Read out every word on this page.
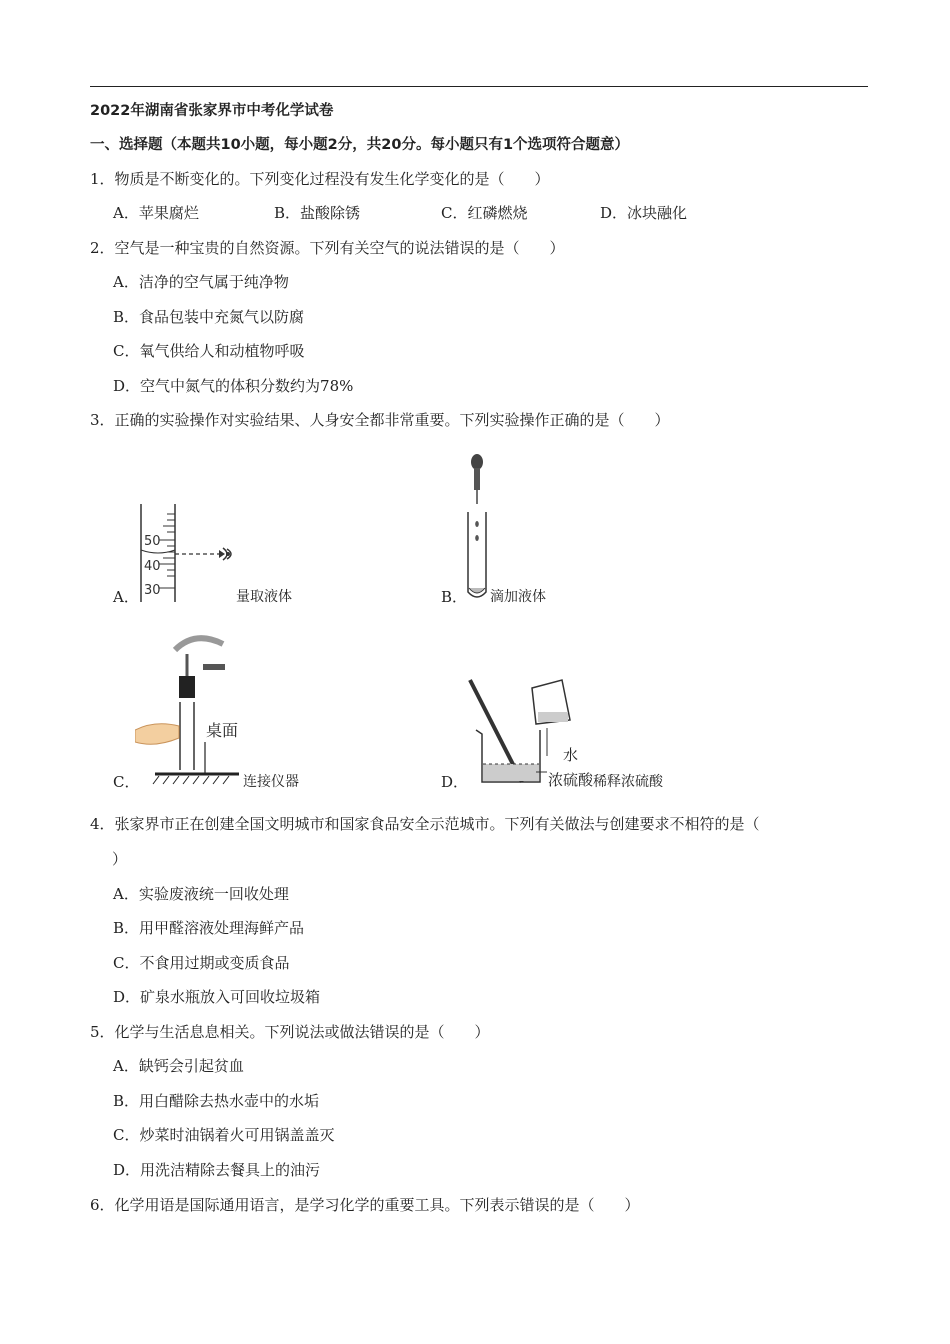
2022年湖南省张家界市中考化学试卷
一、选择题（本题共10小题，每小题2分，共20分。每小题只有1个选项符合题意）
1．物质是不断变化的。下列变化过程没有发生化学变化的是（　　）
A．苹果腐烂	B．盐酸除锈	C．红磷燃烧	D．冰块融化
2．空气是一种宝贵的自然资源。下列有关空气的说法错误的是（　　）
A．洁净的空气属于纯净物
B．食品包装中充氮气以防腐
C．氧气供给人和动植物呼吸
D．空气中氮气的体积分数约为78%
3．正确的实验操作对实验结果、人身安全都非常重要。下列实验操作正确的是（　　）
A．
50
40
30	量取液体	B． 滴加液体
C．
桌面
连接仪器	D．
水
浓硫酸 稀释浓硫酸
4．张家界市正在创建全国文明城市和国家食品安全示范城市。下列有关做法与创建要求不相符的是（
）
A．实验废液统一回收处理
B．用甲醛溶液处理海鲜产品
C．不食用过期或变质食品
D．矿泉水瓶放入可回收垃圾箱
5．化学与生活息息相关。下列说法或做法错误的是（　　）
A．缺钙会引起贫血
B．用白醋除去热水壶中的水垢
C．炒菜时油锅着火可用锅盖盖灭
D．用洗洁精除去餐具上的油污
6．化学用语是国际通用语言，是学习化学的重要工具。下列表示错误的是（　　）
